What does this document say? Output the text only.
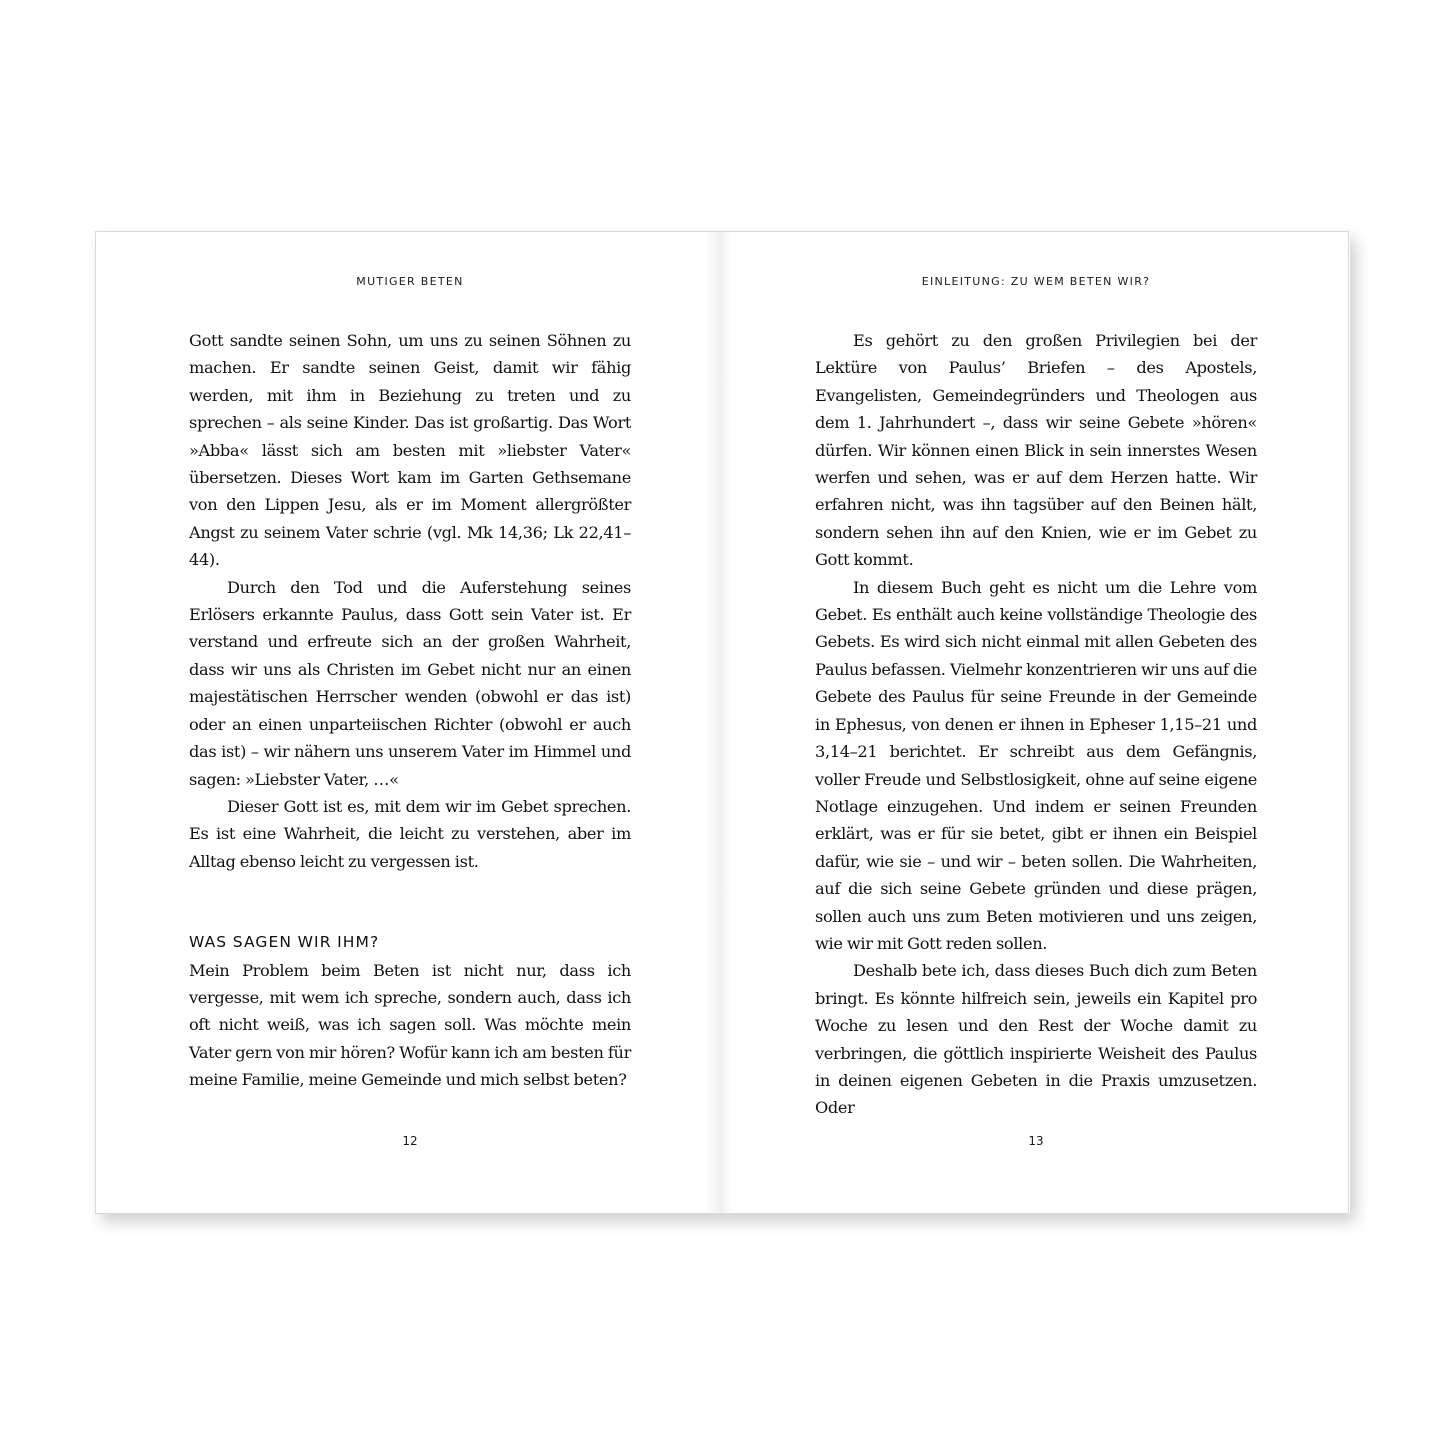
MUTIGER BETEN

Gott sandte seinen Sohn, um uns zu seinen Söhnen zu machen. Er sandte seinen Geist, damit wir fähig werden, mit ihm in Beziehung zu treten und zu sprechen – als seine Kinder. Das ist großartig. Das Wort »Abba« lässt sich am besten mit »liebster Vater« übersetzen. Dieses Wort kam im Garten Gethsemane von den Lippen Jesu, als er im Moment allergrößter Angst zu seinem Vater schrie (vgl. Mk 14,36; Lk 22,41–44).

Durch den Tod und die Auferstehung seines Erlösers erkannte Paulus, dass Gott sein Vater ist. Er verstand und erfreute sich an der großen Wahrheit, dass wir uns als Christen im Gebet nicht nur an einen majestätischen Herrscher wenden (obwohl er das ist) oder an einen unparteiischen Richter (obwohl er auch das ist) – wir nähern uns unserem Vater im Himmel und sagen: »Liebster Vater, …«

Dieser Gott ist es, mit dem wir im Gebet sprechen. Es ist eine Wahrheit, die leicht zu verstehen, aber im Alltag ebenso leicht zu vergessen ist.

WAS SAGEN WIR IHM?

Mein Problem beim Beten ist nicht nur, dass ich vergesse, mit wem ich spreche, sondern auch, dass ich oft nicht weiß, was ich sagen soll. Was möchte mein Vater gern von mir hören? Wofür kann ich am besten für meine Familie, meine Gemeinde und mich selbst beten?

12
EINLEITUNG: ZU WEM BETEN WIR?

Es gehört zu den großen Privilegien bei der Lektüre von Paulus’ Briefen – des Apostels, Evangelisten, Gemeindegründers und Theologen aus dem 1. Jahrhundert –, dass wir seine Gebete »hören« dürfen. Wir können einen Blick in sein innerstes Wesen werfen und sehen, was er auf dem Herzen hatte. Wir erfahren nicht, was ihn tagsüber auf den Beinen hält, sondern sehen ihn auf den Knien, wie er im Gebet zu Gott kommt.

In diesem Buch geht es nicht um die Lehre vom Gebet. Es enthält auch keine vollständige Theologie des Gebets. Es wird sich nicht einmal mit allen Gebeten des Paulus befassen. Vielmehr konzentrieren wir uns auf die Gebete des Paulus für seine Freunde in der Gemeinde in Ephesus, von denen er ihnen in Epheser 1,15–21 und 3,14–21 berichtet. Er schreibt aus dem Gefängnis, voller Freude und Selbstlosigkeit, ohne auf seine eigene Notlage einzugehen. Und indem er seinen Freunden erklärt, was er für sie betet, gibt er ihnen ein Beispiel dafür, wie sie – und wir – beten sollen. Die Wahrheiten, auf die sich seine Gebete gründen und diese prägen, sollen auch uns zum Beten motivieren und uns zeigen, wie wir mit Gott reden sollen.

Deshalb bete ich, dass dieses Buch dich zum Beten bringt. Es könnte hilfreich sein, jeweils ein Kapitel pro Woche zu lesen und den Rest der Woche damit zu verbringen, die göttlich inspirierte Weisheit des Paulus in deinen eigenen Gebeten in die Praxis umzusetzen. Oder

13
